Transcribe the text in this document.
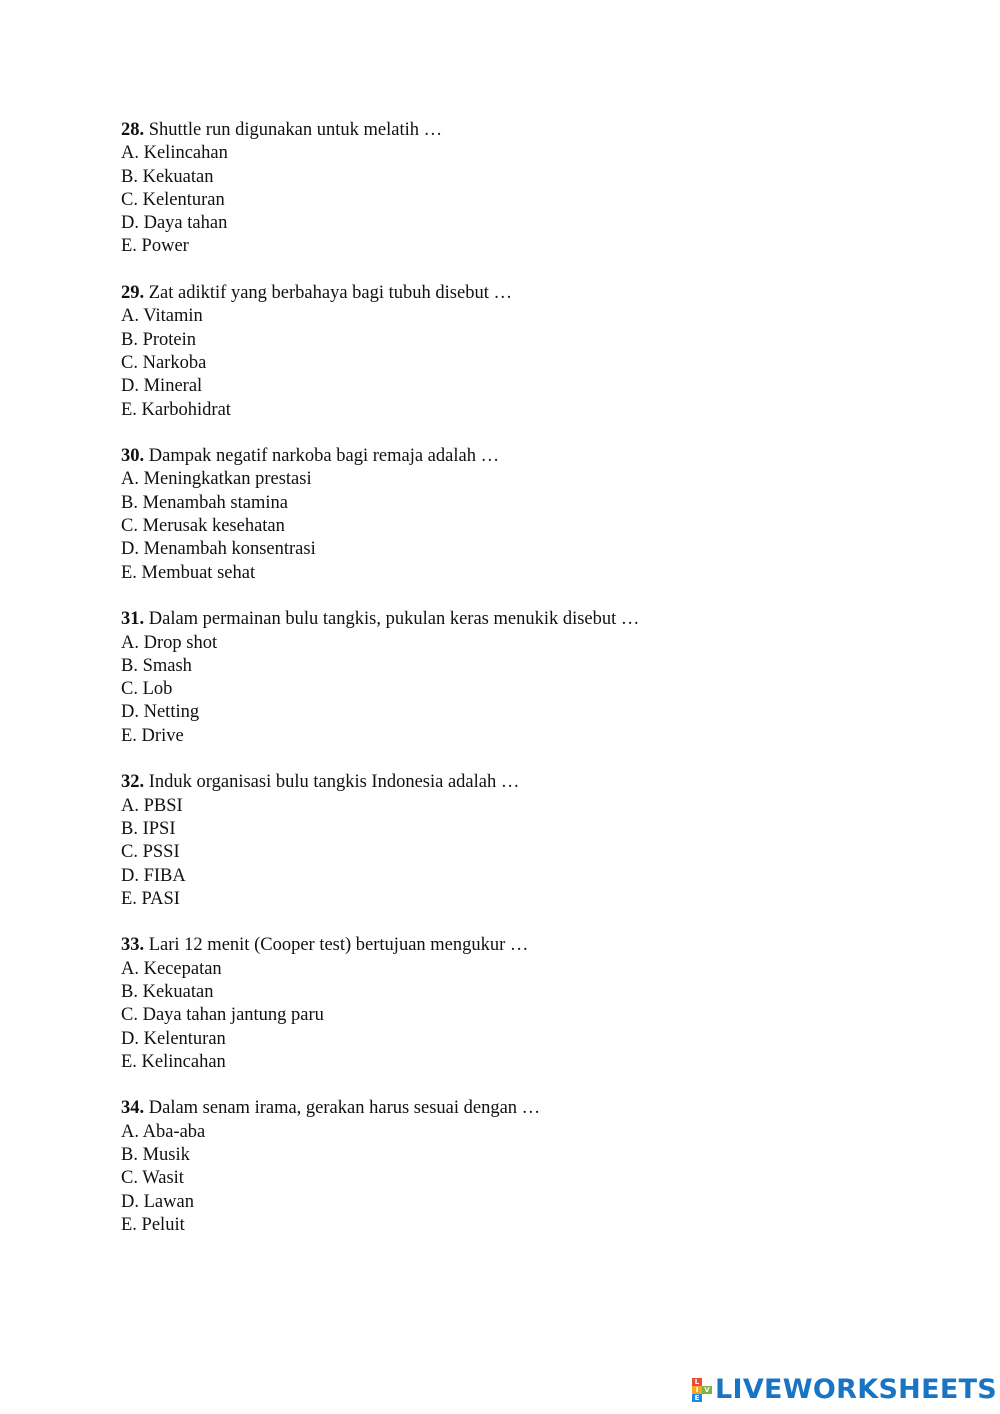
28. Shuttle run digunakan untuk melatih …
A. Kelincahan
B. Kekuatan
C. Kelenturan
D. Daya tahan
E. Power
29. Zat adiktif yang berbahaya bagi tubuh disebut …
A. Vitamin
B. Protein
C. Narkoba
D. Mineral
E. Karbohidrat
30. Dampak negatif narkoba bagi remaja adalah …
A. Meningkatkan prestasi
B. Menambah stamina
C. Merusak kesehatan
D. Menambah konsentrasi
E. Membuat sehat
31. Dalam permainan bulu tangkis, pukulan keras menukik disebut …
A. Drop shot
B. Smash
C. Lob
D. Netting
E. Drive
32. Induk organisasi bulu tangkis Indonesia adalah …
A. PBSI
B. IPSI
C. PSSI
D. FIBA
E. PASI
33. Lari 12 menit (Cooper test) bertujuan mengukur …
A. Kecepatan
B. Kekuatan
C. Daya tahan jantung paru
D. Kelenturan
E. Kelincahan
34. Dalam senam irama, gerakan harus sesuai dengan …
A. Aba-aba
B. Musik
C. Wasit
D. Lawan
E. Peluit
L
I V
E LIVEWORKSHEETS
